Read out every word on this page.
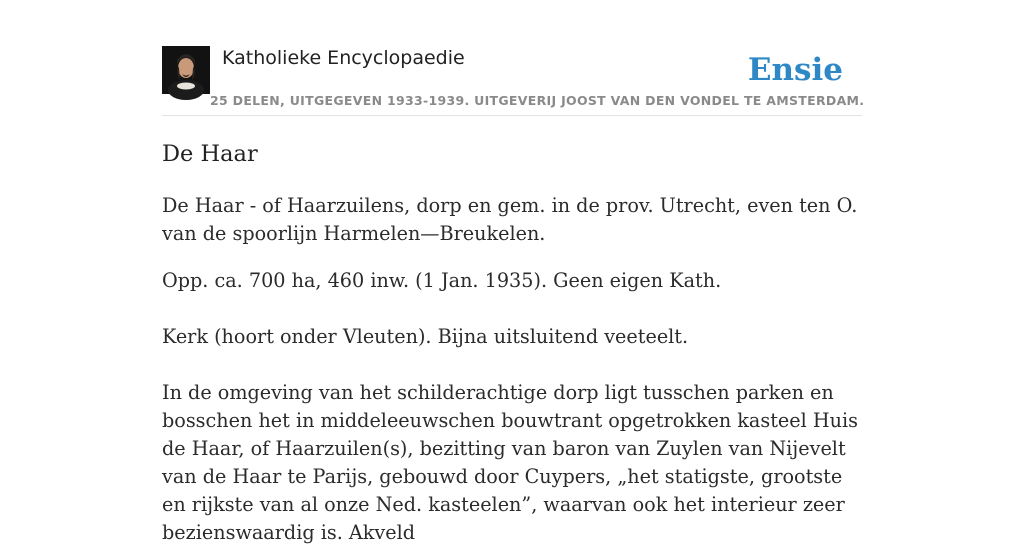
Katholieke Encyclopaedie
25 DELEN, UITGEGEVEN 1933-1939. UITGEVERIJ JOOST VAN DEN VONDEL TE AMSTERDAM.
Ensie
De Haar

De Haar - of Haarzuilens, dorp en gem. in de prov. Utrecht, even ten O. van de spoorlijn Harmelen—Breukelen.

Opp. ca. 700 ha, 460 inw. (1 Jan. 1935). Geen eigen Kath.

Kerk (hoort onder Vleuten). Bijna uitsluitend veeteelt.

In de omgeving van het schilderachtige dorp ligt tusschen parken en bosschen het in middeleeuwschen bouwtrant opgetrokken kasteel Huis de Haar, of Haarzuilen(s), bezitting van baron van Zuylen van Nijevelt van de Haar te Parijs, gebouwd door Cuypers, „het statigste, grootste en rijkste van al onze Ned. kasteelen”, waarvan ook het interieur zeer bezienswaardig is. Akveld
